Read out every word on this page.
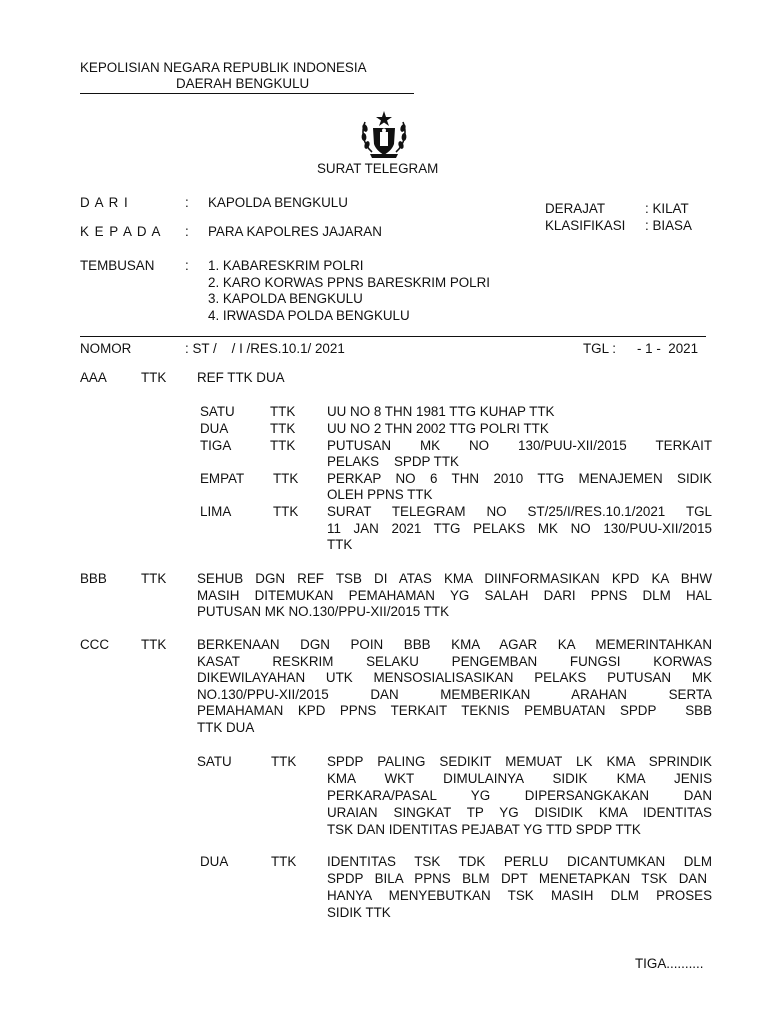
KEPOLISIAN NEGARA REPUBLIK INDONESIA
DAERAH BENGKULU
SURAT TELEGRAM
D A R I	: KAPOLDA BENGKULU
K E P A D A : PARA KAPOLRES JAJARAN
DERAJAT	: KILAT
KLASIFIKASI : BIASA
TEMBUSAN : 1. KABARESKRIM POLRI
2. KARO KORWAS PPNS BARESKRIM POLRI
3. KAPOLDA BENGKULU
4. IRWASDA POLDA BENGKULU
NOMOR	: ST /    / I /RES.10.1/ 2021	TGL : - 1 -  2021
AAA	TTK REF TTK DUA
SATU	TTK UU NO 8 THN 1981 TTG KUHAP TTK
DUA	TTK UU NO 2 THN 2002 TTG POLRI TTK
TIGA	TTK PUTUSAN MK NO 130/PUU-XII/2015 TERKAIT
PELAKS    SPDP TTK
EMPAT TTK PERKAP NO 6 THN 2010 TTG MENAJEMEN SIDIK
OLEH PPNS TTK
LIMA	TTK SURAT TELEGRAM NO ST/25/I/RES.10.1/2021 TGL
11 JAN 2021 TTG PELAKS MK NO 130/PUU-XII/2015
TTK
BBB	TTK SEHUB DGN REF TSB DI ATAS KMA DIINFORMASIKAN KPD KA BHW
MASIH DITEMUKAN PEMAHAMAN YG SALAH DARI PPNS DLM HAL
PUTUSAN MK NO.130/PPU-XII/2015 TTK
CCC TTK BERKENAAN DGN POIN BBB KMA AGAR KA MEMERINTAHKAN
KASAT RESKRIM SELAKU PENGEMBAN FUNGSI KORWAS
DIKEWILAYAHAN UTK MENSOSIALISASIKAN PELAKS PUTUSAN MK
NO.130/PPU-XII/2015 DAN MEMBERIKAN ARAHAN SERTA
PEMAHAMAN KPD PPNS TERKAIT TEKNIS PEMBUATAN SPDP  SBB
TTK DUA
SATU	TTK SPDP PALING SEDIKIT MEMUAT LK KMA SPRINDIK
KMA WKT DIMULAINYA SIDIK KMA JENIS
PERKARA/PASAL YG DIPERSANGKAKAN DAN
URAIAN SINGKAT TP YG DISIDIK KMA IDENTITAS
TSK DAN IDENTITAS PEJABAT YG TTD SPDP TTK
DUA	TTK IDENTITAS TSK TDK PERLU DICANTUMKAN DLM
SPDP BILA PPNS BLM DPT MENETAPKAN TSK DAN
HANYA MENYEBUTKAN TSK MASIH DLM PROSES
SIDIK TTK
TIGA..........
